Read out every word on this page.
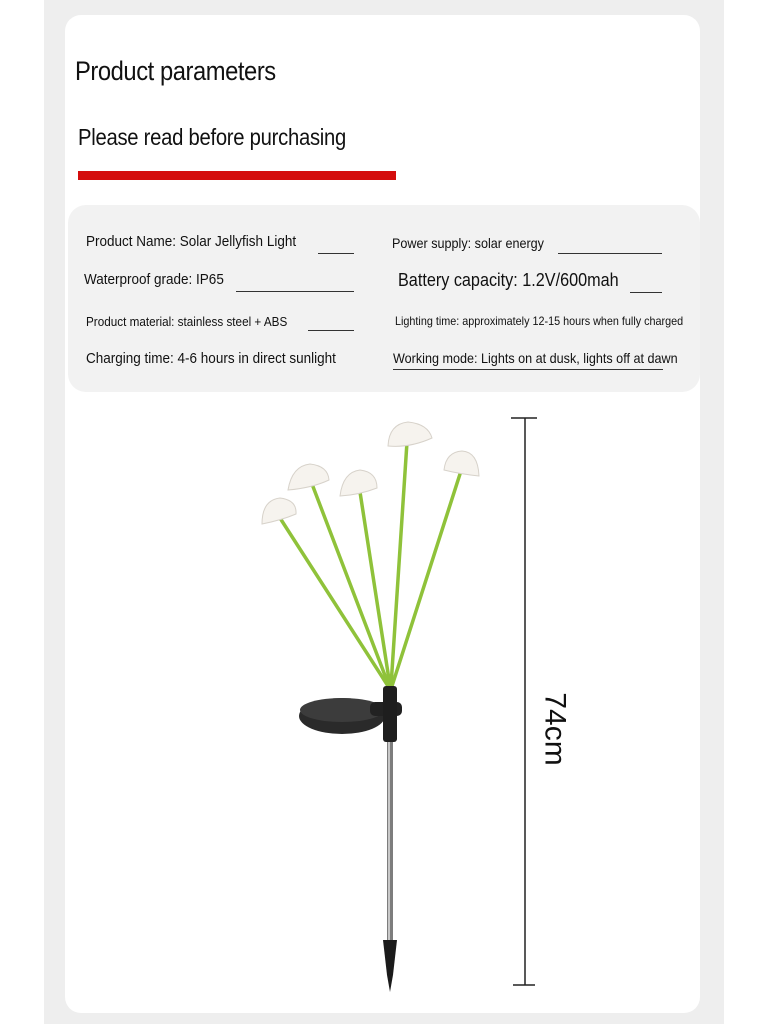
Product parameters
Please read before purchasing
Product Name: Solar Jellyfish Light	Power supply: solar energy
Waterproof grade: IP65	Battery capacity: 1.2V/600mah
Product material: stainless steel + ABS	Lighting time: approximately 12-15 hours when fully charged
Charging time: 4-6 hours in direct sunlight	Working mode: Lights on at dusk, lights off at dawn
74cm
